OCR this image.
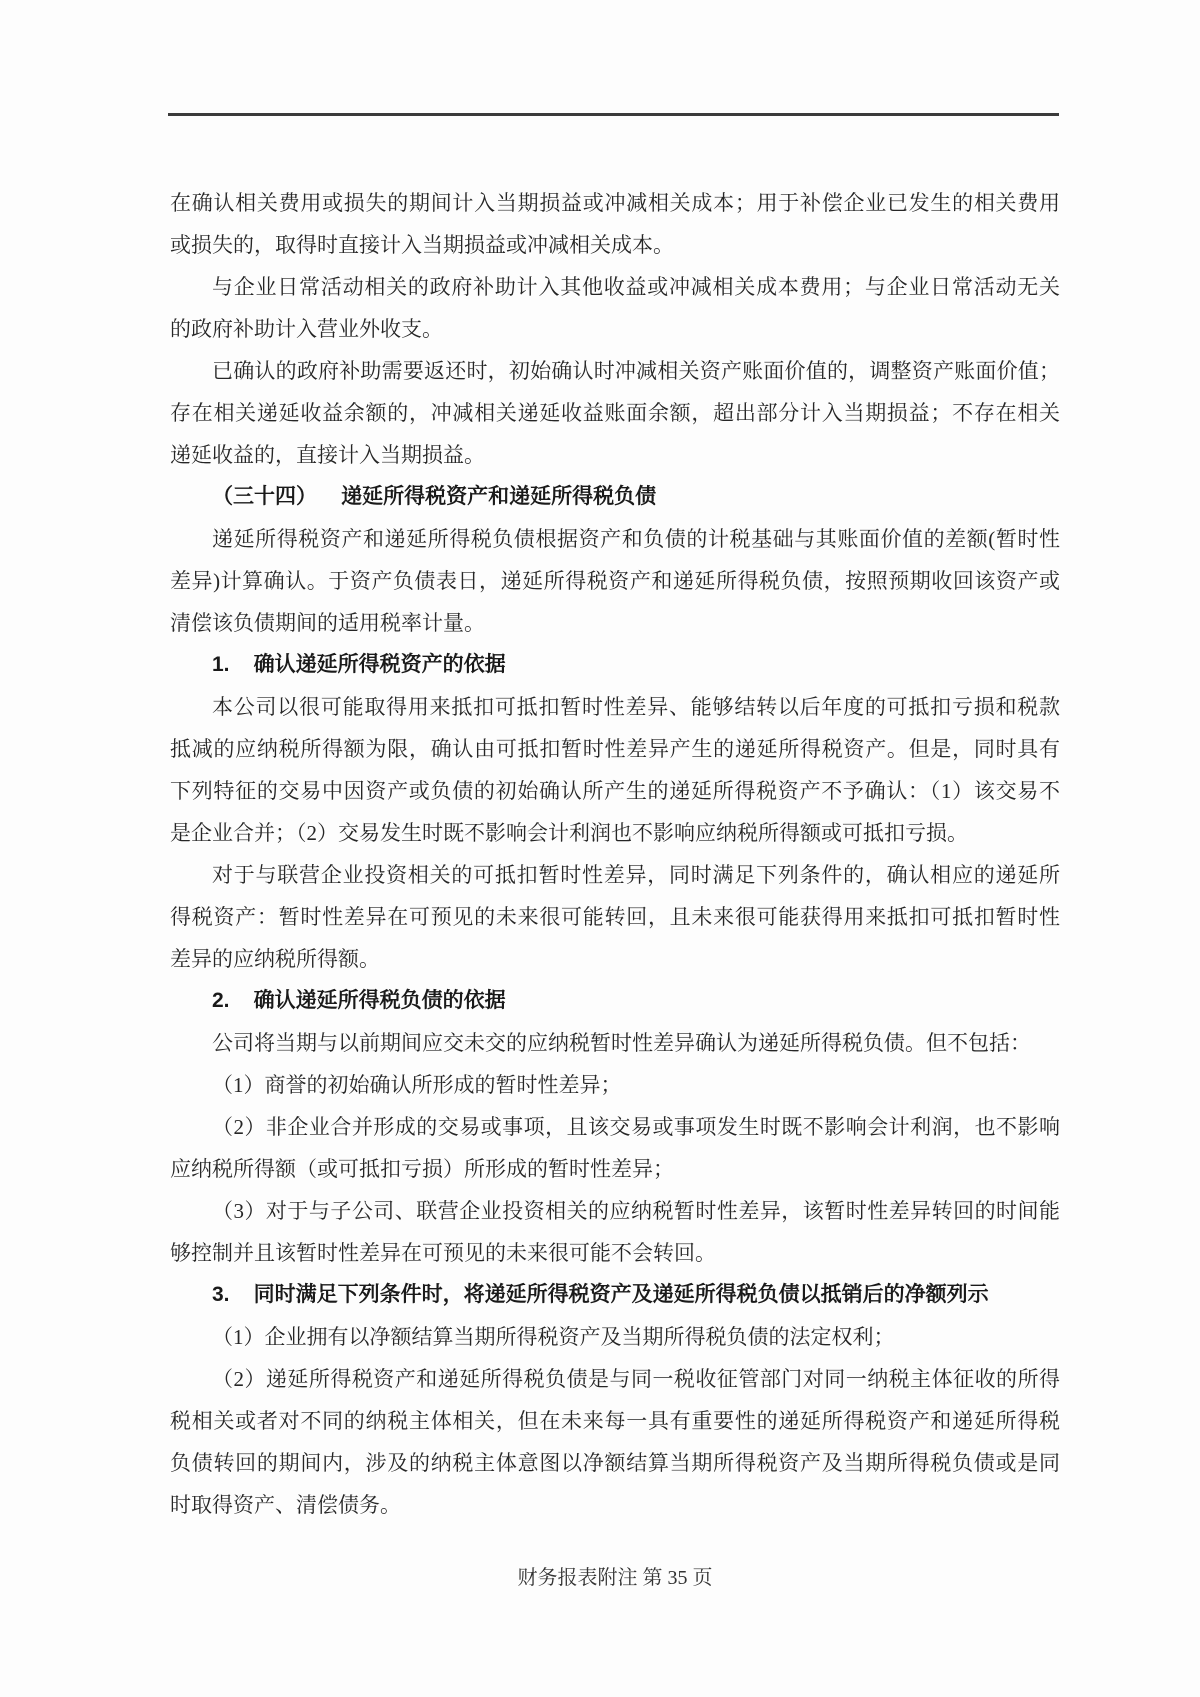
在确认相关费用或损失的期间计入当期损益或冲减相关成本；用于补偿企业已发生的相关费用
或损失的，取得时直接计入当期损益或冲减相关成本。
与企业日常活动相关的政府补助计入其他收益或冲减相关成本费用；与企业日常活动无关
的政府补助计入营业外收支。
已确认的政府补助需要返还时，初始确认时冲减相关资产账面价值的，调整资产账面价值；
存在相关递延收益余额的，冲减相关递延收益账面余额，超出部分计入当期损益；不存在相关
递延收益的，直接计入当期损益。
（三十四） 递延所得税资产和递延所得税负债
递延所得税资产和递延所得税负债根据资产和负债的计税基础与其账面价值的差额(暂时性
差异)计算确认。于资产负债表日，递延所得税资产和递延所得税负债，按照预期收回该资产或
清偿该负债期间的适用税率计量。
1. 确认递延所得税资产的依据
本公司以很可能取得用来抵扣可抵扣暂时性差异、能够结转以后年度的可抵扣亏损和税款
抵减的应纳税所得额为限，确认由可抵扣暂时性差异产生的递延所得税资产。但是，同时具有
下列特征的交易中因资产或负债的初始确认所产生的递延所得税资产不予确认：（1）该交易不
是企业合并；（2）交易发生时既不影响会计利润也不影响应纳税所得额或可抵扣亏损。
对于与联营企业投资相关的可抵扣暂时性差异，同时满足下列条件的，确认相应的递延所
得税资产：暂时性差异在可预见的未来很可能转回，且未来很可能获得用来抵扣可抵扣暂时性
差异的应纳税所得额。
2. 确认递延所得税负债的依据
公司将当期与以前期间应交未交的应纳税暂时性差异确认为递延所得税负债。但不包括：
（1）商誉的初始确认所形成的暂时性差异；
（2）非企业合并形成的交易或事项，且该交易或事项发生时既不影响会计利润，也不影响
应纳税所得额（或可抵扣亏损）所形成的暂时性差异；
（3）对于与子公司、联营企业投资相关的应纳税暂时性差异，该暂时性差异转回的时间能
够控制并且该暂时性差异在可预见的未来很可能不会转回。
3. 同时满足下列条件时，将递延所得税资产及递延所得税负债以抵销后的净额列示
（1）企业拥有以净额结算当期所得税资产及当期所得税负债的法定权利；
（2）递延所得税资产和递延所得税负债是与同一税收征管部门对同一纳税主体征收的所得
税相关或者对不同的纳税主体相关，但在未来每一具有重要性的递延所得税资产和递延所得税
负债转回的期间内，涉及的纳税主体意图以净额结算当期所得税资产及当期所得税负债或是同
时取得资产、清偿债务。
财务报表附注 第 35 页
